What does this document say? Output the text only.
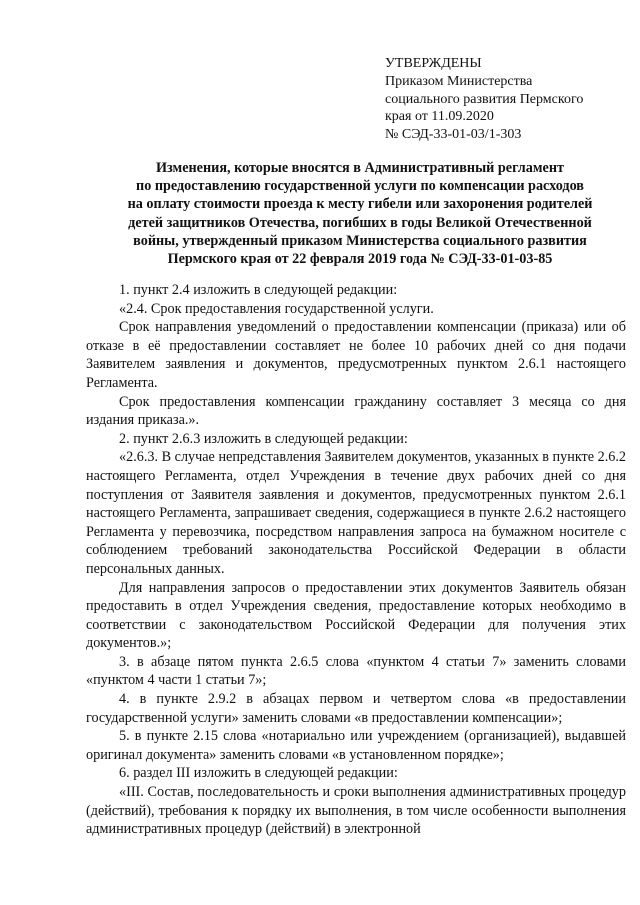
УТВЕРЖДЕНЫ
Приказом Министерства
социального развития Пермского
края от 11.09.2020
№ СЭД-33-01-03/1-303
Изменения, которые вносятся в Административный регламент
по предоставлению государственной услуги по компенсации расходов
на оплату стоимости проезда к месту гибели или захоронения родителей
детей защитников Отечества, погибших в годы Великой Отечественной
войны, утвержденный приказом Министерства социального развития
Пермского края от 22 февраля 2019 года № СЭД-33-01-03-85

1. пункт 2.4 изложить в следующей редакции:

«2.4. Срок предоставления государственной услуги.

Срок направления уведомлений о предоставлении компенсации (приказа) или об отказе в её предоставлении составляет не более 10 рабочих дней со дня подачи Заявителем заявления и документов, предусмотренных пунктом 2.6.1 настоящего Регламента.

Срок предоставления компенсации гражданину составляет 3 месяца со дня издания приказа.».

2. пункт 2.6.3 изложить в следующей редакции:

«2.6.3. В случае непредставления Заявителем документов, указанных в пункте 2.6.2 настоящего Регламента, отдел Учреждения в течение двух рабочих дней со дня поступления от Заявителя заявления и документов, предусмотренных пунктом 2.6.1 настоящего Регламента, запрашивает сведения, содержащиеся в пункте 2.6.2 настоящего Регламента у перевозчика, посредством направления запроса на бумажном носителе с соблюдением требований законодательства Российской Федерации в области персональных данных.

Для направления запросов о предоставлении этих документов Заявитель обязан предоставить в отдел Учреждения сведения, предоставление которых необходимо в соответствии с законодательством Российской Федерации для получения этих документов.»;

3. в абзаце пятом пункта 2.6.5 слова «пунктом 4 статьи 7» заменить словами «пунктом 4 части 1 статьи 7»;

4. в пункте 2.9.2 в абзацах первом и четвертом слова «в предоставлении государственной услуги» заменить словами «в предоставлении компенсации»;

5. в пункте 2.15 слова «нотариально или учреждением (организацией), выдавшей оригинал документа» заменить словами «в установленном порядке»;

6. раздел III изложить в следующей редакции:

«III. Состав, последовательность и сроки выполнения административных процедур (действий), требования к порядку их выполнения, в том числе особенности выполнения административных процедур (действий) в электронной
